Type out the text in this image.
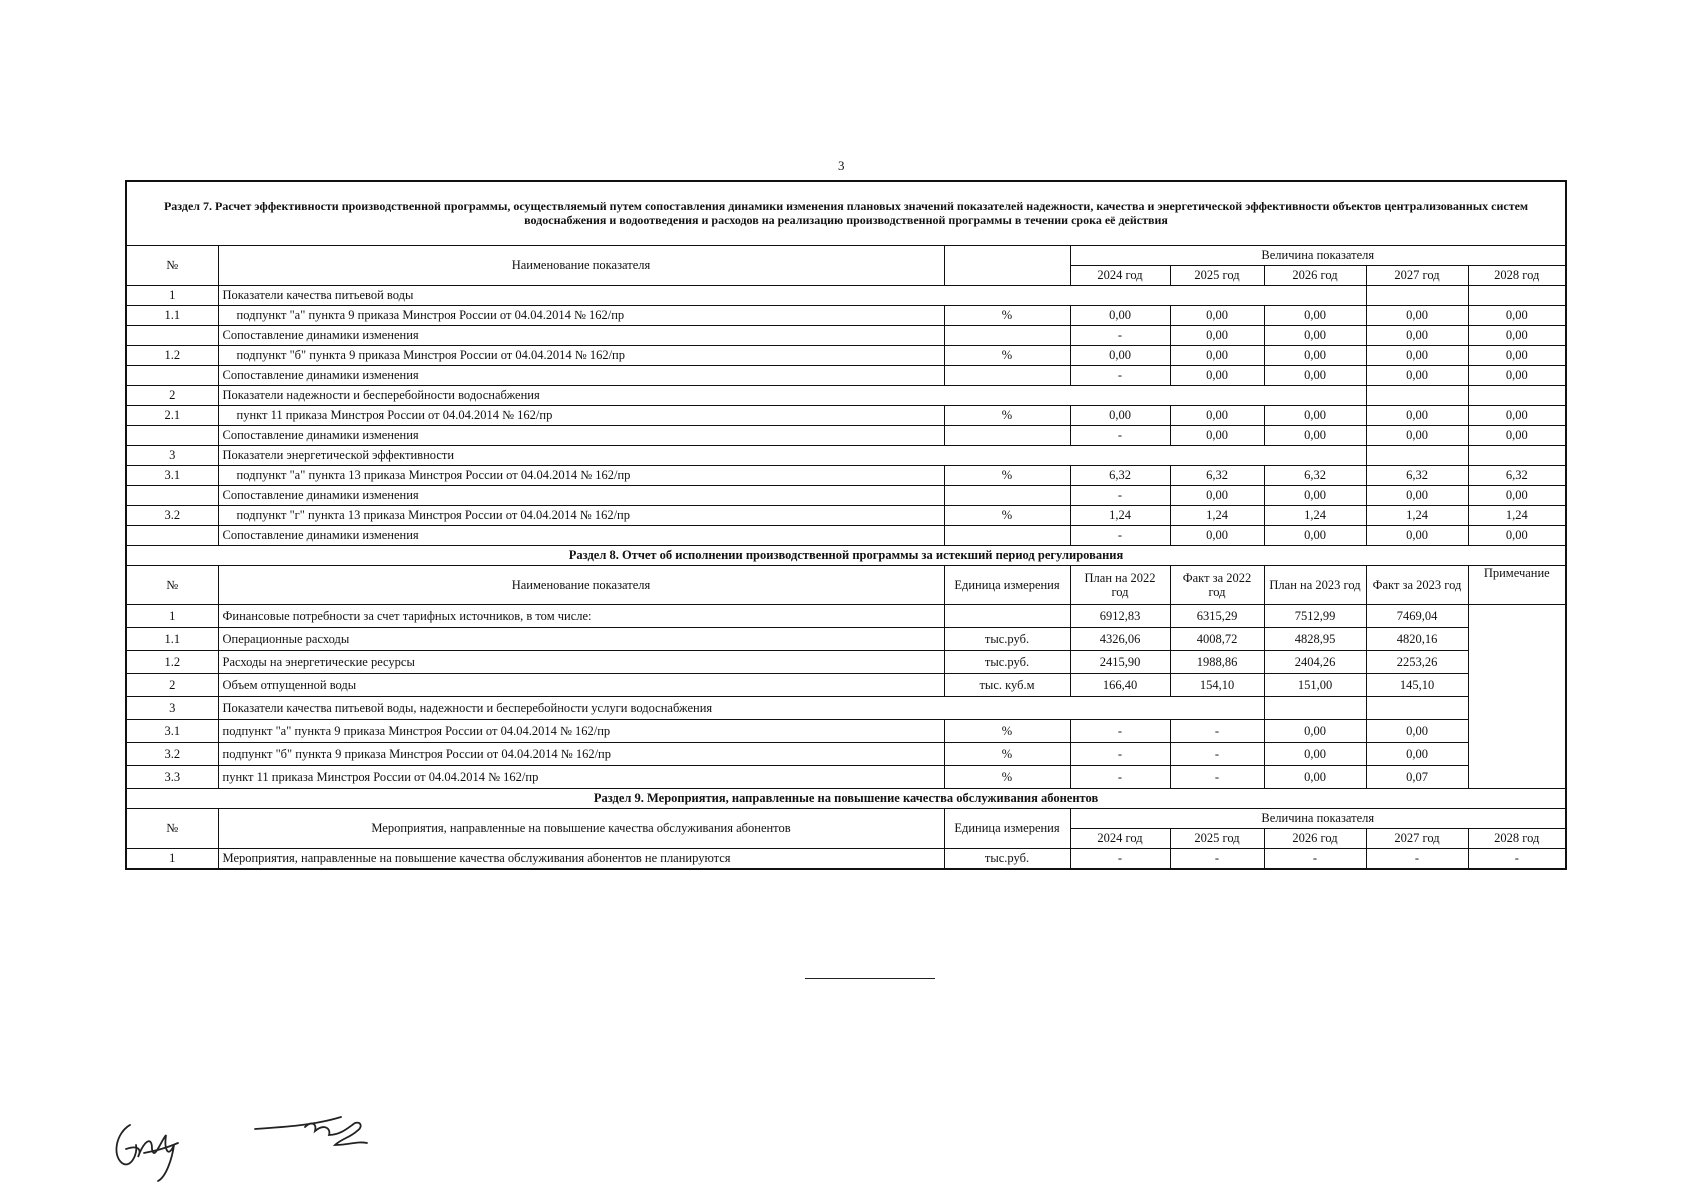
3
Раздел 7. Расчет эффективности производственной программы, осуществляемый путем сопоставления динамики изменения плановых значений показателей надежности, качества и энергетической эффективности объектов централизованных систем водоснабжения и водоотведения и расходов на реализацию производственной программы в течении срока её действия							
№	Наименование показателя		Величина показателя				
			2024 год	2025 год	2026 год	2027 год	2028 год
1	Показатели качества питьевой воды						
1.1	подпункт "а" пункта 9 приказа Минстроя России от 04.04.2014 № 162/пр	%	0,00	0,00	0,00	0,00	0,00
	Сопоставление динамики изменения		-	0,00	0,00	0,00	0,00
1.2	подпункт "б" пункта 9 приказа Минстроя России от 04.04.2014 № 162/пр	%	0,00	0,00	0,00	0,00	0,00
	Сопоставление динамики изменения		-	0,00	0,00	0,00	0,00
2	Показатели надежности и бесперебойности водоснабжения						
2.1	пункт 11 приказа Минстроя России от 04.04.2014 № 162/пр	%	0,00	0,00	0,00	0,00	0,00
	Сопоставление динамики изменения		-	0,00	0,00	0,00	0,00
3	Показатели энергетической эффективности						
3.1	подпункт "а" пункта 13 приказа Минстроя России от 04.04.2014 № 162/пр	%	6,32	6,32	6,32	6,32	6,32
	Сопоставление динамики изменения		-	0,00	0,00	0,00	0,00
3.2	подпункт "г" пункта 13 приказа Минстроя России от 04.04.2014 № 162/пр	%	1,24	1,24	1,24	1,24	1,24
	Сопоставление динамики изменения		-	0,00	0,00	0,00	0,00
Раздел 8. Отчет об исполнении производственной программы за истекший период регулирования							
№	Наименование показателя	Единица измерения	План на 2022 год	Факт за 2022 год	План на 2023 год	Факт за 2023 год	Примечание
1	Финансовые потребности за счет тарифных источников, в том числе:		6912,83	6315,29	7512,99	7469,04	
1.1	Операционные расходы	тыс.руб.	4326,06	4008,72	4828,95	4820,16	
1.2	Расходы на энергетические ресурсы	тыс.руб.	2415,90	1988,86	2404,26	2253,26	
2	Объем отпущенной воды	тыс. куб.м	166,40	154,10	151,00	145,10	
3	Показатели качества питьевой воды, надежности и бесперебойности услуги водоснабжения						
3.1	подпункт "а" пункта 9 приказа Минстроя России от 04.04.2014 № 162/пр	%	-	-	0,00	0,00	
3.2	подпункт "б" пункта 9 приказа Минстроя России от 04.04.2014 № 162/пр	%	-	-	0,00	0,00	
3.3	пункт 11 приказа Минстроя России от 04.04.2014 № 162/пр	%	-	-	0,00	0,07	
Раздел 9. Мероприятия, направленные на повышение качества обслуживания абонентов							
№	Мероприятия, направленные на повышение качества обслуживания абонентов	Единица измерения	Величина показателя				
			2024 год	2025 год	2026 год	2027 год	2028 год
1	Мероприятия, направленные на повышение качества обслуживания абонентов не планируются	тыс.руб.	-	-	-	-	-
